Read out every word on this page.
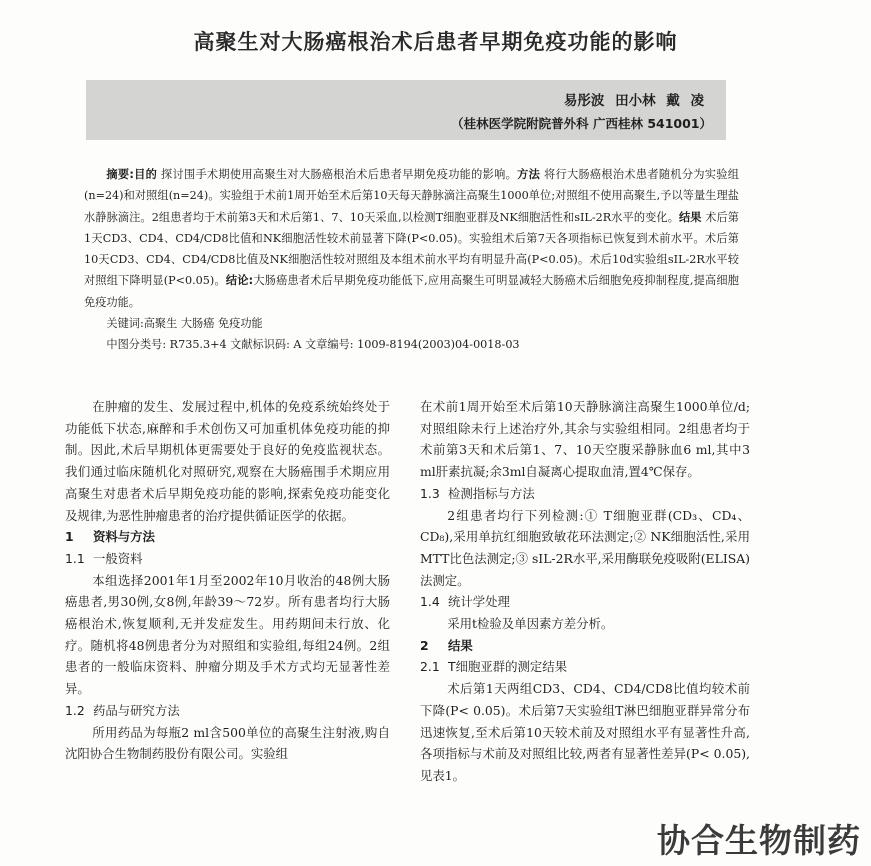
高聚生对大肠癌根治术后患者早期免疫功能的影响
易彤波 田小林 戴 凌
（桂林医学院附院普外科 广西桂林 541001）
摘要:目的 探讨围手术期使用高聚生对大肠癌根治术后患者早期免疫功能的影响。方法 将行大肠癌根治术患者随机分为实验组(n=24)和对照组(n=24)。实验组于术前1周开始至术后第10天每天静脉滴注高聚生1000单位;对照组不使用高聚生,予以等量生理盐水静脉滴注。2组患者均于术前第3天和术后第1、7、10天采血,以检测T细胞亚群及NK细胞活性和sIL-2R水平的变化。结果 术后第1天CD3、CD4、CD4/CD8比值和NK细胞活性较术前显著下降(P<0.05)。实验组术后第7天各项指标已恢复到术前水平。术后第10天CD3、CD4、CD4/CD8比值及NK细胞活性较对照组及本组术前水平均有明显升高(P<0.05)。术后10d实验组sIL-2R水平较对照组下降明显(P<0.05)。结论:大肠癌患者术后早期免疫功能低下,应用高聚生可明显减轻大肠癌术后细胞免疫抑制程度,提高细胞免疫功能。
关键词:高聚生 大肠癌 免疫功能
中图分类号: R735.3+4 文献标识码: A 文章编号: 1009-8194(2003)04-0018-03

在肿瘤的发生、发展过程中,机体的免疫系统始终处于功能低下状态,麻醉和手术创伤又可加重机体免疫功能的抑制。因此,术后早期机体更需要处于良好的免疫监视状态。我们通过临床随机化对照研究,观察在大肠癌围手术期应用高聚生对患者术后早期免疫功能的影响,探索免疫功能变化及规律,为恶性肿瘤患者的治疗提供循证医学的依据。

1 资料与方法
1.1 一般资料

本组选择2001年1月至2002年10月收治的48例大肠癌患者,男30例,女8例,年龄39～72岁。所有患者均行大肠癌根治术,恢复顺利,无并发症发生。用药期间未行放、化疗。随机将48例患者分为对照组和实验组,每组24例。2组患者的一般临床资料、肿瘤分期及手术方式均无显著性差异。

1.2 药品与研究方法

所用药品为每瓶2 ml含500单位的高聚生注射液,购自沈阳协合生物制药股份有限公司。实验组

在术前1周开始至术后第10天静脉滴注高聚生1000单位/d;对照组除未行上述治疗外,其余与实验组相同。2组患者均于术前第3天和术后第1、7、10天空腹采静脉血6 ml,其中3 ml肝素抗凝;余3ml自凝离心提取血清,置4℃保存。

1.3 检测指标与方法

2组患者均行下列检测:① T细胞亚群(CD₃、CD₄、CD₈),采用单抗红细胞致敏花环法测定;② NK细胞活性,采用MTT比色法测定;③ sIL-2R水平,采用酶联免疫吸附(ELISA)法测定。

1.4 统计学处理

采用t检验及单因素方差分析。

2 结果
2.1 T细胞亚群的测定结果

术后第1天两组CD3、CD4、CD4/CD8比值均较术前下降(P< 0.05)。术后第7天实验组T淋巴细胞亚群异常分布迅速恢复,至术后第10天较术前及对照组水平有显著性升高,各项指标与术前及对照组比较,两者有显著性差异(P< 0.05),见表1。

协合生物制药
